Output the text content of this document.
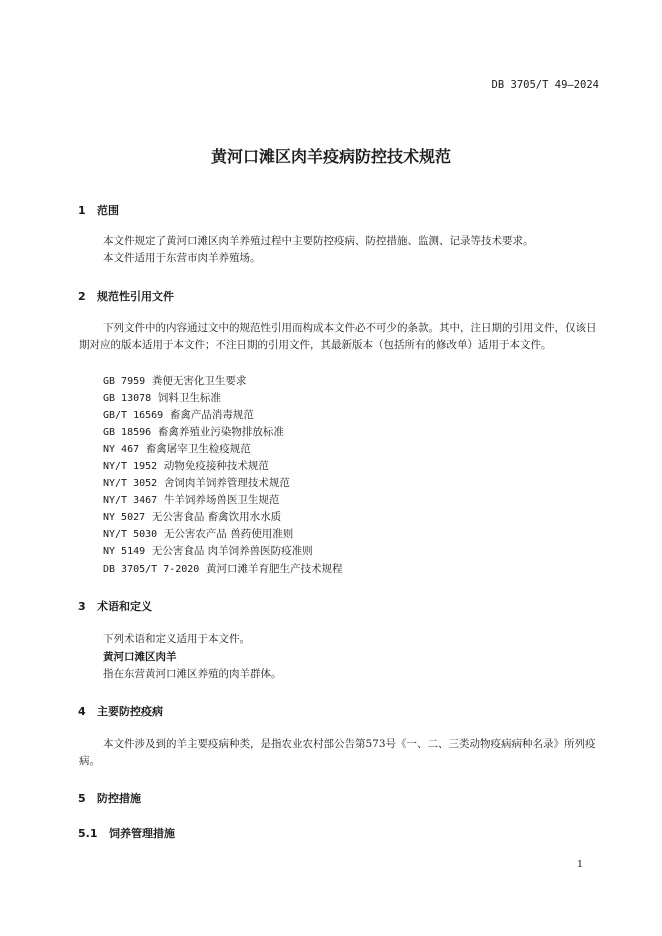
DB 3705/T 49—2024
黄河口滩区肉羊疫病防控技术规范
1 范围
本文件规定了黄河口滩区肉羊养殖过程中主要防控疫病、防控措施、监测、记录等技术要求。
本文件适用于东营市肉羊养殖场。
2 规范性引用文件
下列文件中的内容通过文中的规范性引用而构成本文件必不可少的条款。其中，注日期的引用文件，仅该日期对应的版本适用于本文件；不注日期的引用文件，其最新版本（包括所有的修改单）适用于本文件。
GB 7959 粪便无害化卫生要求
GB 13078 饲料卫生标准
GB/T 16569 畜禽产品消毒规范
GB 18596 畜禽养殖业污染物排放标准
NY 467 畜禽屠宰卫生检疫规范
NY/T 1952 动物免疫接种技术规范
NY/T 3052 舍饲肉羊饲养管理技术规范
NY/T 3467 牛羊饲养场兽医卫生规范
NY 5027 无公害食品 畜禽饮用水水质
NY/T 5030 无公害农产品 兽药使用准则
NY 5149 无公害食品 肉羊饲养兽医防疫准则
DB 3705/T 7-2020 黄河口滩羊育肥生产技术规程
3 术语和定义
下列术语和定义适用于本文件。
黄河口滩区肉羊
指在东营黄河口滩区养殖的肉羊群体。
4 主要防控疫病
本文件涉及到的羊主要疫病种类，是指农业农村部公告第573号《一、二、三类动物疫病病种名录》所列疫病。
5 防控措施
5.1 饲养管理措施
1
